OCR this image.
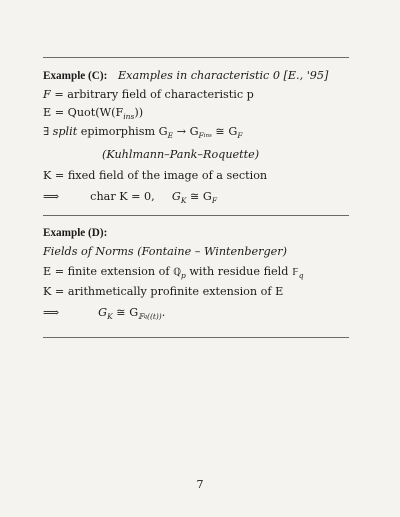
Example (C): Examples in characteristic 0 [E., '95]
F = arbitrary field of characteristic p
$E = Quot(W(F_{ins}))$
∃ split epimorphism $G_E \to G_Fins$ ≅ $G_F$
(Kuhlmann–Pank–Roquette)
K = fixed field of the image of a section
⟹	char K = 0, $G_K$ ≅ $G_F$
Example (D):
Fields of Norms (Fontaine – Wintenberger)
E = finite extension of ℚ$_p$ with residue field 𝔽$_q$
K = arithmetically profinite extension of E
⟹	$G_K$ ≅ $G_𝔽q_{((t))}$.
7
